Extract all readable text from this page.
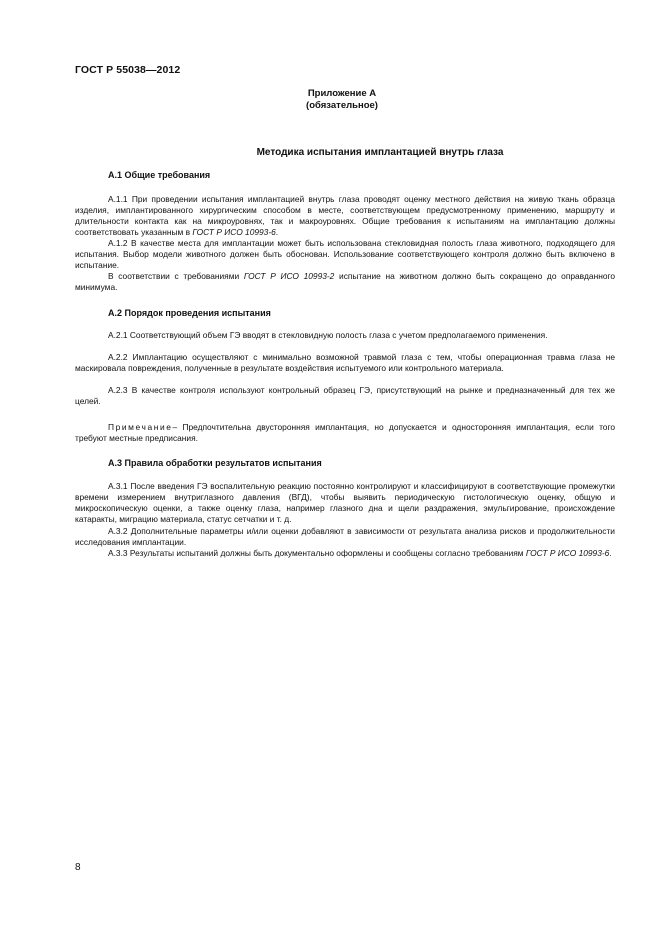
ГОСТ Р 55038—2012
Приложение А
(обязательное)
Методика испытания имплантацией внутрь глаза
А.1 Общие требования
А.1.1 При проведении испытания имплантацией внутрь глаза проводят оценку местного действия на живую ткань образца изделия, имплантированного хирургическим способом в месте, соответствующем предусмотренному применению, маршруту и длительности контакта как на микроуровнях, так и макроуровнях. Общие требования к испытаниям на имплантацию должны соответствовать указанным в ГОСТ Р ИСО 10993-6.
А.1.2 В качестве места для имплантации может быть использована стекловидная полость глаза животного, подходящего для испытания. Выбор модели животного должен быть обоснован. Использование соответствующего контроля должно быть включено в испытание.
В соответствии с требованиями ГОСТ Р ИСО 10993-2 испытание на животном должно быть сокращено до оправданного минимума.
А.2 Порядок проведения испытания
А.2.1 Соответствующий объем ГЭ вводят в стекловидную полость глаза с учетом предполагаемого применения.
А.2.2 Имплантацию осуществляют с минимально возможной травмой глаза с тем, чтобы операционная травма глаза не маскировала повреждения, полученные в результате воздействия испытуемого или контрольного материала.
А.2.3 В качестве контроля используют контрольный образец ГЭ, присутствующий на рынке и предназначенный для тех же целей.
Примечание– Предпочтительна двусторонняя имплантация, но допускается и односторонняя имплантация, если того требуют местные предписания.
А.3 Правила обработки результатов испытания
А.3.1 После введения ГЭ воспалительную реакцию постоянно контролируют и классифицируют в соответствующие промежутки времени измерением внутриглазного давления (ВГД), чтобы выявить периодическую гистологическую оценку, общую и микроскопическую оценки, а также оценку глаза, например глазного дна и щели раздражения, эмульгирование, происхождение катаракты, миграцию материала, статус сетчатки и т. д.
А.3.2 Дополнительные параметры и/или оценки добавляют в зависимости от результата анализа рисков и продолжительности исследования имплантации.
А.3.3 Результаты испытаний должны быть документально оформлены и сообщены согласно требованиям ГОСТ Р ИСО 10993-6.
8
